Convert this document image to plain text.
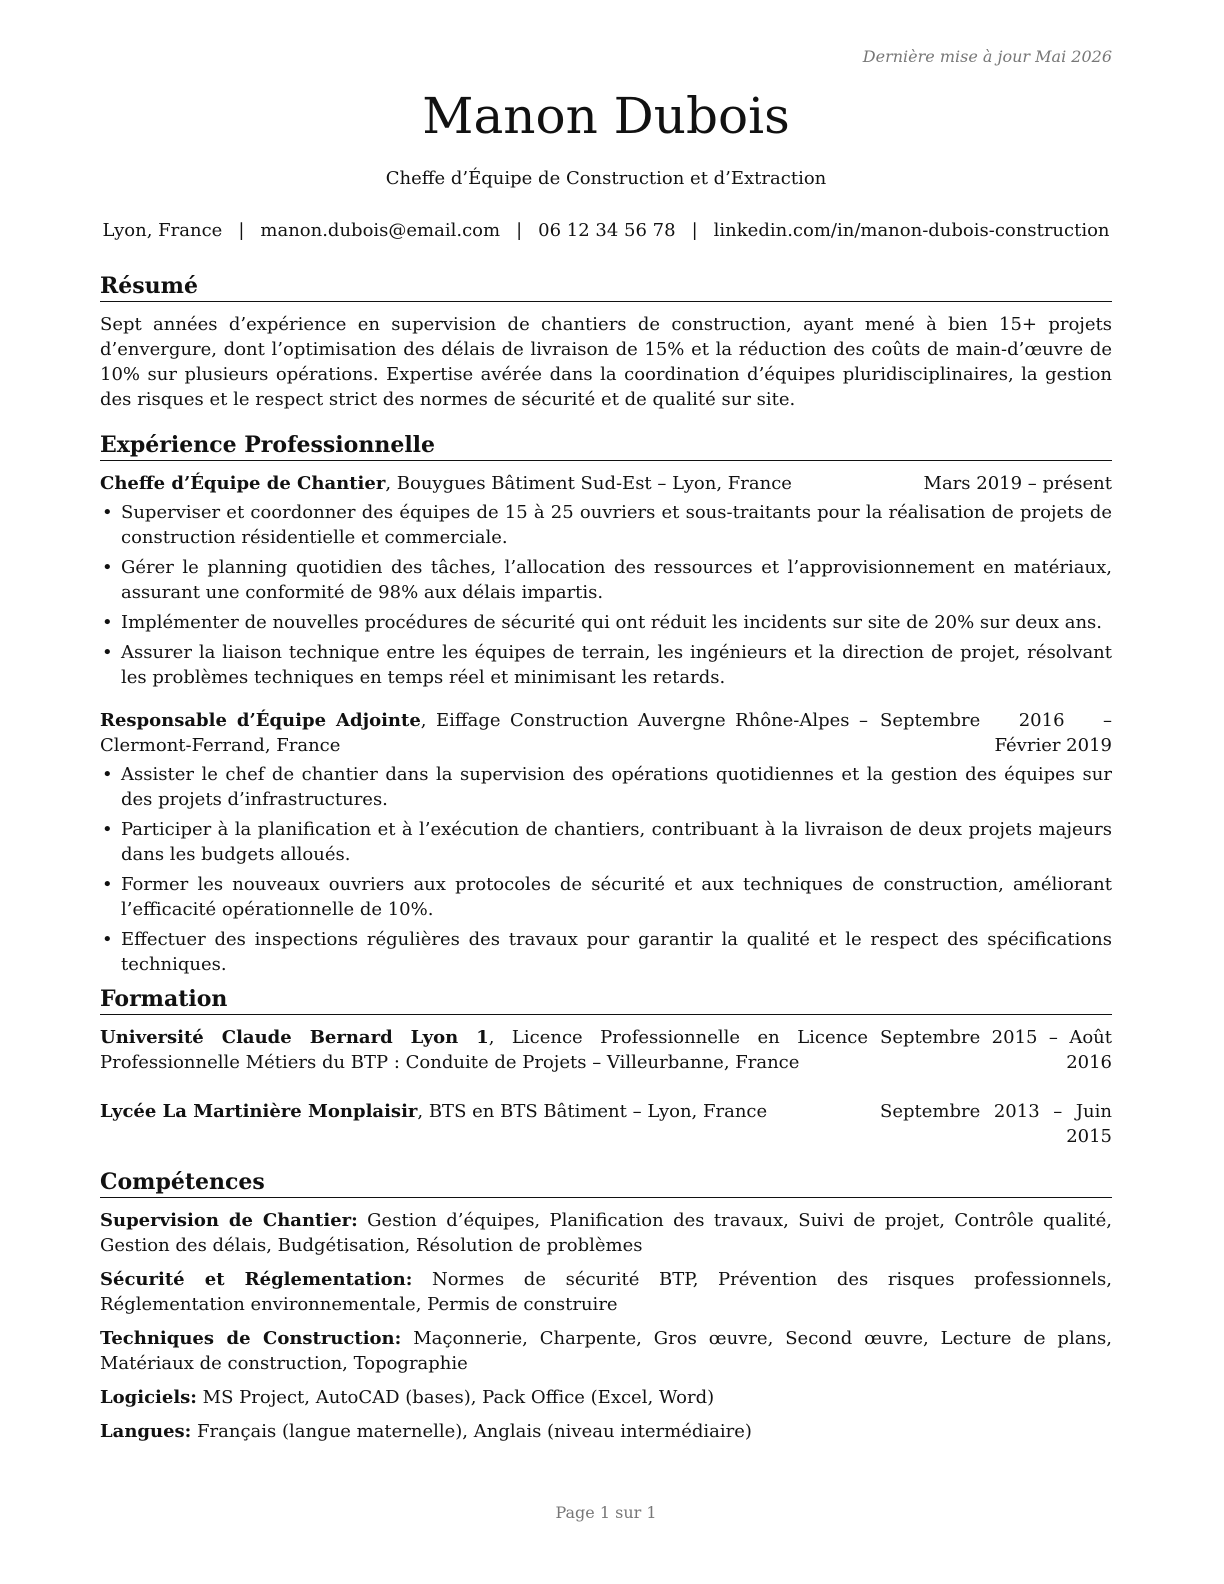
Dernière mise à jour Mai 2026
Manon Dubois
Cheffe d’Équipe de Construction et d’Extraction
Lyon, France | manon.dubois@email.com | 06 12 34 56 78 | linkedin.com/in/manon-dubois-construction
Résumé

Sept années d’expérience en supervision de chantiers de construction, ayant mené à bien 15+ projets d’envergure, dont l’optimisation des délais de livraison de 15% et la réduction des coûts de main-d’œuvre de 10% sur plusieurs opérations. Expertise avérée dans la coordination d’équipes pluridisciplinaires, la gestion des risques et le respect strict des normes de sécurité et de qualité sur site.

Expérience Professionnelle
Cheffe d’Équipe de Chantier, Bouygues Bâtiment Sud-Est – Lyon, France	Mars 2019 – présent
• Superviser et coordonner des équipes de 15 à 25 ouvriers et sous-traitants pour la réalisation de projets de construction résidentielle et commerciale.
• Gérer le planning quotidien des tâches, l’allocation des ressources et l’approvisionnement en matériaux, assurant une conformité de 98% aux délais impartis.
• Implémenter de nouvelles procédures de sécurité qui ont réduit les incidents sur site de 20% sur deux ans.
• Assurer la liaison technique entre les équipes de terrain, les ingénieurs et la direction de projet, résolvant les problèmes techniques en temps réel et minimisant les retards.
Responsable d’Équipe Adjointe, Eiffage Construction Auvergne Rhône-Alpes – Clermont-Ferrand, France
Septembre 2016 – Février 2019
• Assister le chef de chantier dans la supervision des opérations quotidiennes et la gestion des équipes sur des projets d’infrastructures.
• Participer à la planification et à l’exécution de chantiers, contribuant à la livraison de deux projets majeurs dans les budgets alloués.
• Former les nouveaux ouvriers aux protocoles de sécurité et aux techniques de construction, améliorant l’efficacité opérationnelle de 10%.
• Effectuer des inspections régulières des travaux pour garantir la qualité et le respect des spécifications techniques.
Formation
Université Claude Bernard Lyon 1, Licence Professionnelle en Licence Professionnelle Métiers du BTP : Conduite de Projets – Villeurbanne, France
Septembre 2015 – Août 2016
Lycée La Martinière Monplaisir, BTS en BTS Bâtiment – Lyon, France	Septembre 2013 – Juin 2015
Compétences

Supervision de Chantier: Gestion d’équipes, Planification des travaux, Suivi de projet, Contrôle qualité, Gestion des délais, Budgétisation, Résolution de problèmes

Sécurité et Réglementation: Normes de sécurité BTP, Prévention des risques professionnels, Réglementation environnementale, Permis de construire

Techniques de Construction: Maçonnerie, Charpente, Gros œuvre, Second œuvre, Lecture de plans, Matériaux de construction, Topographie

Logiciels: MS Project, AutoCAD (bases), Pack Office (Excel, Word)

Langues: Français (langue maternelle), Anglais (niveau intermédiaire)

Page 1 sur 1
